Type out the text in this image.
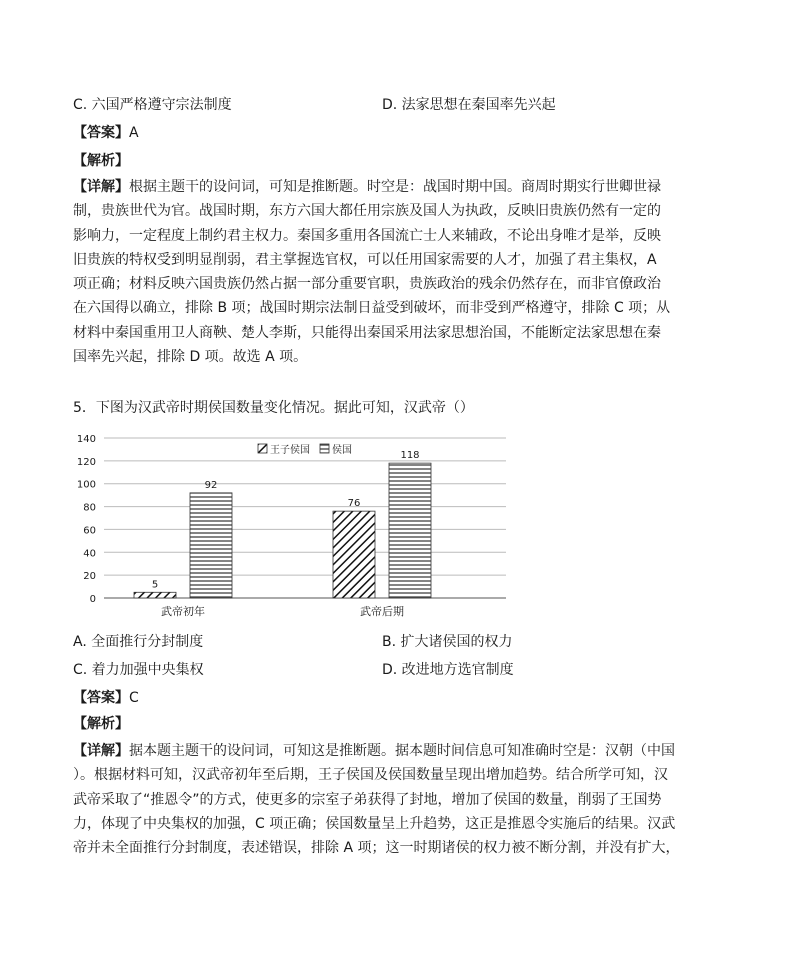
C. 六国严格遵守宗法制度	D. 法家思想在秦国率先兴起
【答案】A
【解析】
【详解】根据主题干的设问词，可知是推断题。时空是：战国时期中国。商周时期实行世卿世禄
制，贵族世代为官。战国时期，东方六国大都任用宗族及国人为执政，反映旧贵族仍然有一定的
影响力，一定程度上制约君主权力。秦国多重用各国流亡士人来辅政，不论出身唯才是举，反映
旧贵族的特权受到明显削弱，君主掌握选官权，可以任用国家需要的人才，加强了君主集权，A
项正确；材料反映六国贵族仍然占据一部分重要官职，贵族政治的残余仍然存在，而非官僚政治
在六国得以确立，排除 B 项；战国时期宗法制日益受到破坏，而非受到严格遵守，排除 C 项；从
材料中秦国重用卫人商鞅、楚人李斯，只能得出秦国采用法家思想治国，不能断定法家思想在秦
国率先兴起，排除 D 项。故选 A 项。
5．下图为汉武帝时期侯国数量变化情况。据此可知，汉武帝（）
0
20
40
60
80
100
120
140
5
92
76
118
武帝初年	武帝后期
王子侯国 侯国
A. 全面推行分封制度	B. 扩大诸侯国的权力
C. 着力加强中央集权	D. 改进地方选官制度
【答案】C
【解析】
【详解】据本题主题干的设问词，可知这是推断题。据本题时间信息可知准确时空是：汉朝（中国
）。根据材料可知，汉武帝初年至后期，王子侯国及侯国数量呈现出增加趋势。结合所学可知，汉
武帝采取了“推恩令”的方式，使更多的宗室子弟获得了封地，增加了侯国的数量，削弱了王国势
力，体现了中央集权的加强，C 项正确；侯国数量呈上升趋势，这正是推恩令实施后的结果。汉武
帝并未全面推行分封制度，表述错误，排除 A 项；这一时期诸侯的权力被不断分割，并没有扩大，
